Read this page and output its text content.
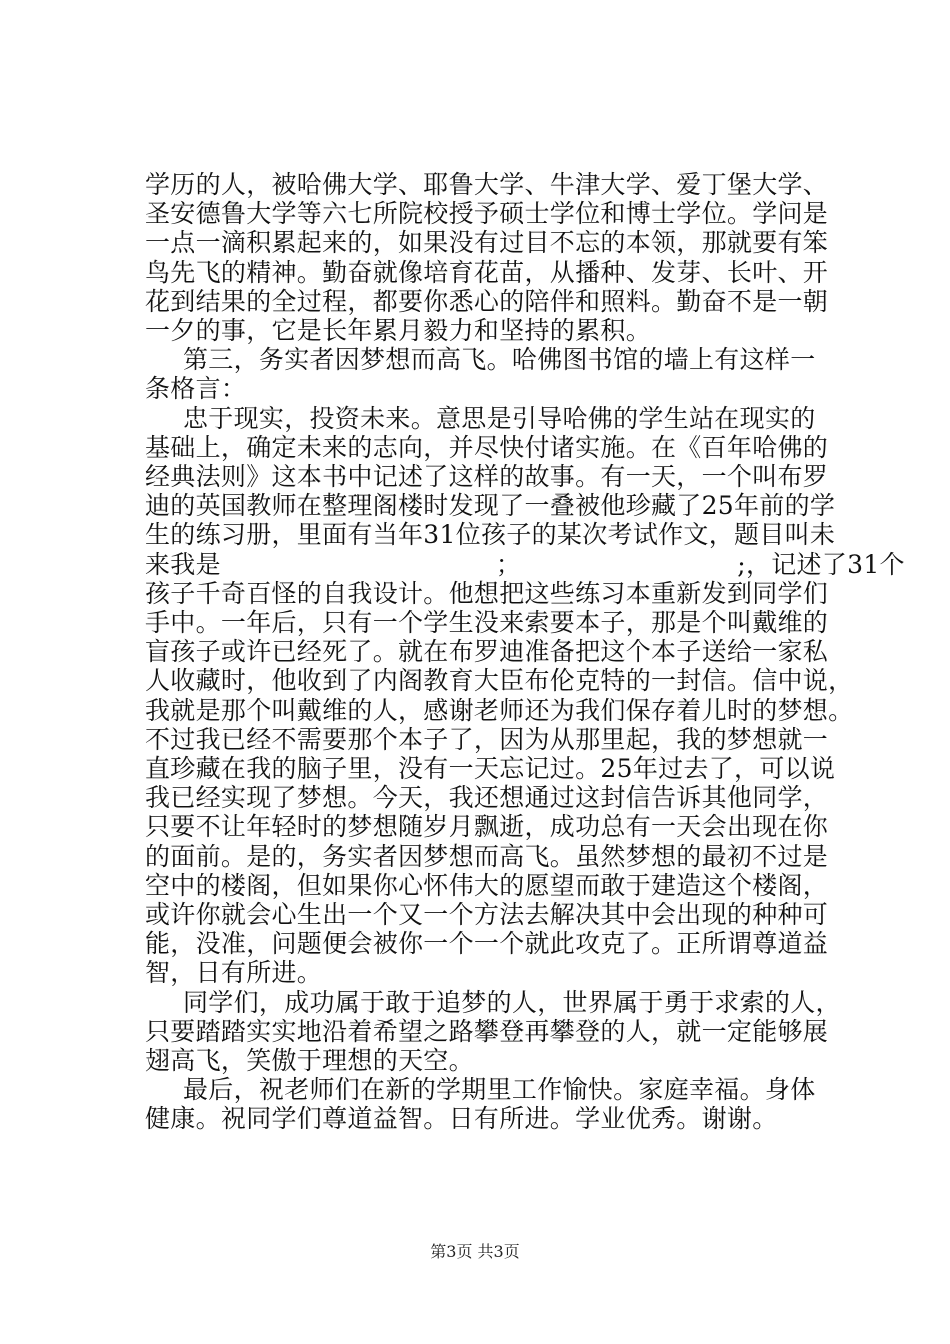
学历的人，被哈佛大学、耶鲁大学、牛津大学、爱丁堡大学、
圣安德鲁大学等六七所院校授予硕士学位和博士学位。学问是
一点一滴积累起来的，如果没有过目不忘的本领，那就要有笨
鸟先飞的精神。勤奋就像培育花苗，从播种、发芽、长叶、开
花到结果的全过程，都要你悉心的陪伴和照料。勤奋不是一朝
一夕的事，它是长年累月毅力和坚持的累积。
第三，务实者因梦想而高飞。哈佛图书馆的墙上有这样一
条格言：
忠于现实，投资未来。意思是引导哈佛的学生站在现实的
基础上，确定未来的志向，并尽快付诸实施。在《百年哈佛的
经典法则》这本书中记述了这样的故事。有一天，一个叫布罗
迪的英国教师在整理阁楼时发现了一叠被他珍藏了25年前的学
生的练习册，里面有当年31位孩子的某次考试作文，题目叫未
来我是	；	;，记述了31个
孩子千奇百怪的自我设计。他想把这些练习本重新发到同学们
手中。一年后，只有一个学生没来索要本子，那是个叫戴维的
盲孩子或许已经死了。就在布罗迪准备把这个本子送给一家私
人收藏时，他收到了内阁教育大臣布伦克特的一封信。信中说，
我就是那个叫戴维的人，感谢老师还为我们保存着儿时的梦想。
不过我已经不需要那个本子了，因为从那里起，我的梦想就一
直珍藏在我的脑子里，没有一天忘记过。25年过去了，可以说
我已经实现了梦想。今天，我还想通过这封信告诉其他同学，
只要不让年轻时的梦想随岁月飘逝，成功总有一天会出现在你
的面前。是的，务实者因梦想而高飞。虽然梦想的最初不过是
空中的楼阁，但如果你心怀伟大的愿望而敢于建造这个楼阁，
或许你就会心生出一个又一个方法去解决其中会出现的种种可
能，没准，问题便会被你一个一个就此攻克了。正所谓尊道益
智，日有所进。
同学们，成功属于敢于追梦的人，世界属于勇于求索的人，
只要踏踏实实地沿着希望之路攀登再攀登的人，就一定能够展
翅高飞，笑傲于理想的天空。
最后，祝老师们在新的学期里工作愉快。家庭幸福。身体
健康。祝同学们尊道益智。日有所进。学业优秀。谢谢。
第3页 共3页
